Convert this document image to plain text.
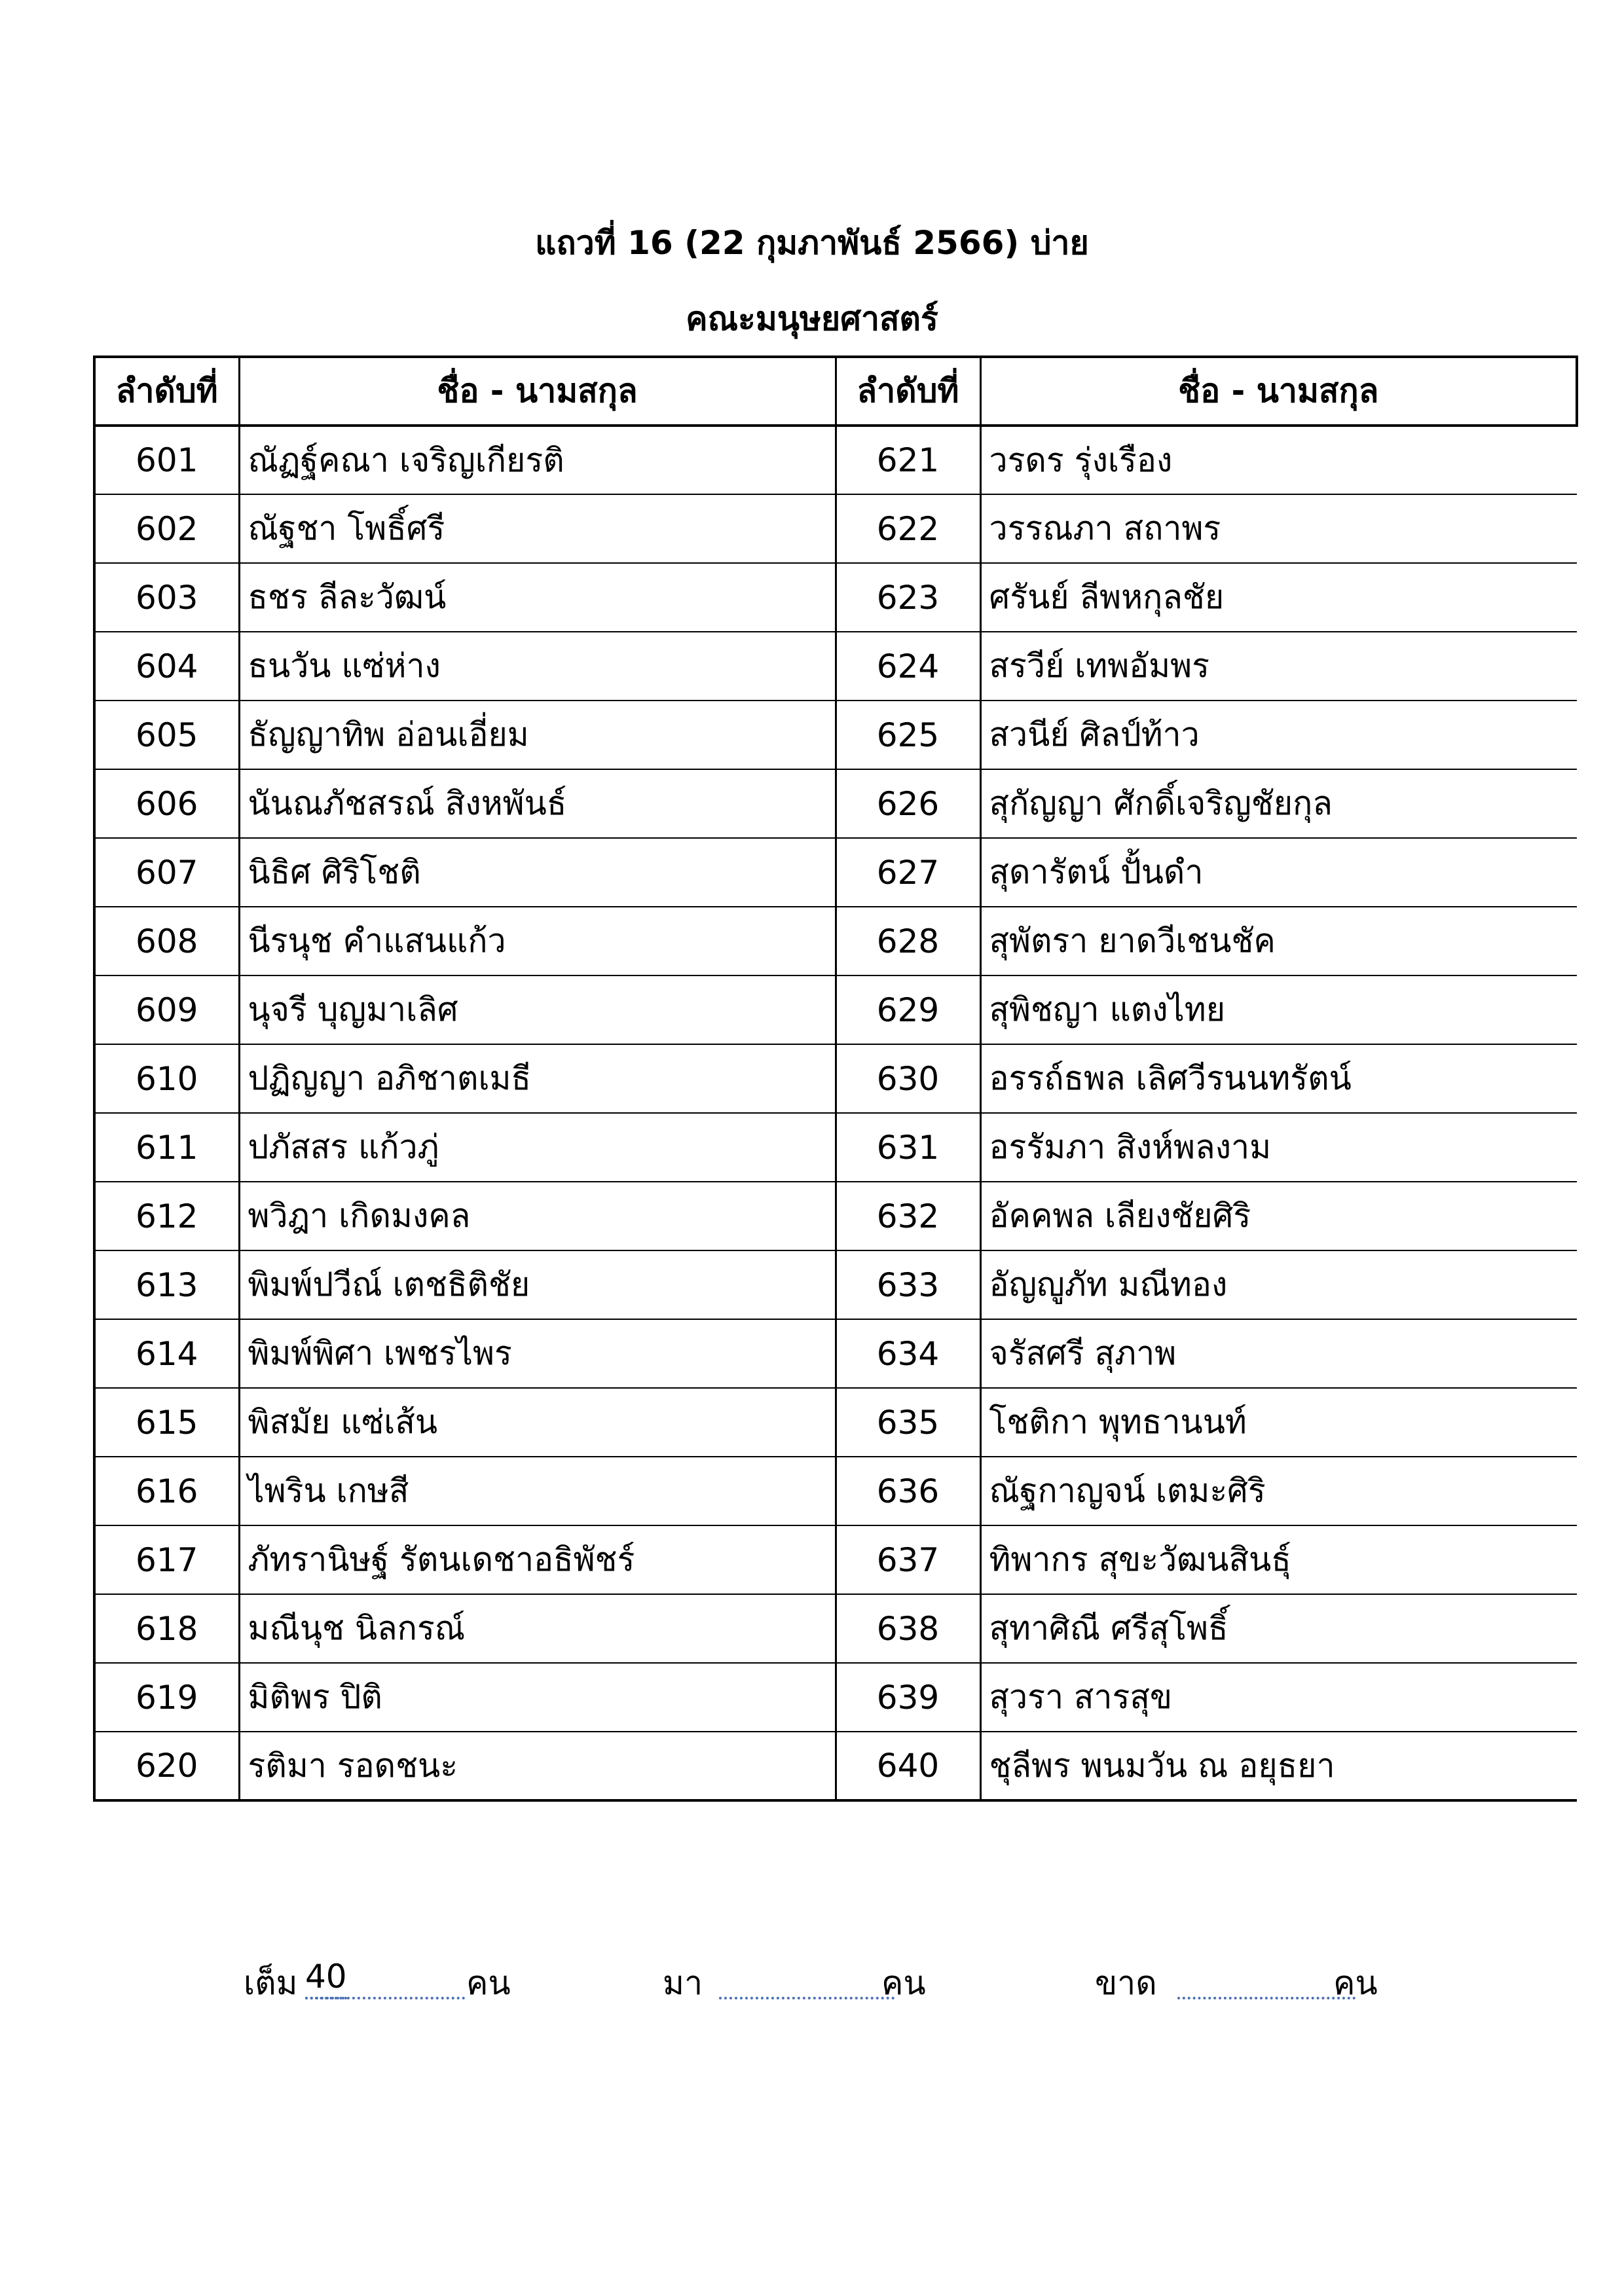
แถวที่ 16 (22 กุมภาพันธ์ 2566) บ่าย
คณะมนุษยศาสตร์
ลำดับที่	ชื่อ - นามสกุล	ลำดับที่	ชื่อ - นามสกุล
601	ณัฏฐ์คณา เจริญเกียรติ	621	วรดร รุ่งเรือง
602	ณัฐชา โพธิ์ศรี	622	วรรณภา สถาพร
603	ธชร ลีละวัฒน์	623	ศรันย์ ลีพหกุลชัย
604	ธนวัน แซ่ห่าง	624	สรวีย์ เทพอัมพร
605	ธัญญาทิพ อ่อนเอี่ยม	625	สวนีย์ ศิลป์ท้าว
606	นันณภัชสรณ์ สิงหพันธ์	626	สุกัญญา ศักดิ์เจริญชัยกุล
607	นิธิศ ศิริโชติ	627	สุดารัตน์ ปั้นดำ
608	นีรนุช คำแสนแก้ว	628	สุพัตรา ยาดวีเชนชัค
609	นุจรี บุญมาเลิศ	629	สุพิชญา แตงไทย
610	ปฏิญญา อภิชาตเมธี	630	อรรถ์ธพล เลิศวีรนนทรัตน์
611	ปภัสสร แก้วภู่	631	อรรัมภา สิงห์พลงาม
612	พวิฎา เกิดมงคล	632	อัคคพล เลียงชัยศิริ
613	พิมพ์ปวีณ์ เตชธิติชัย	633	อัญญูภัท มณีทอง
614	พิมพ์พิศา เพชรไพร	634	จรัสศรี สุภาพ
615	พิสมัย แซ่เส้น	635	โชติกา พุทธานนท์
616	ไพริน เกษสี	636	ณัฐกาญจน์ เตมะศิริ
617	ภัทรานิษฐ์ รัตนเดชาอธิพัชร์	637	ทิพากร สุขะวัฒนสินธุ์
618	มณีนุช นิลกรณ์	638	สุทาศิณี ศรีสุโพธิ์
619	มิติพร ปิติ	639	สุวรา สารสุข
620	รติมา รอดชนะ	640	ชุลีพร พนมวัน ณ อยุธยา
เต็ม 40	คน	มา	คน	ขาด	คน
